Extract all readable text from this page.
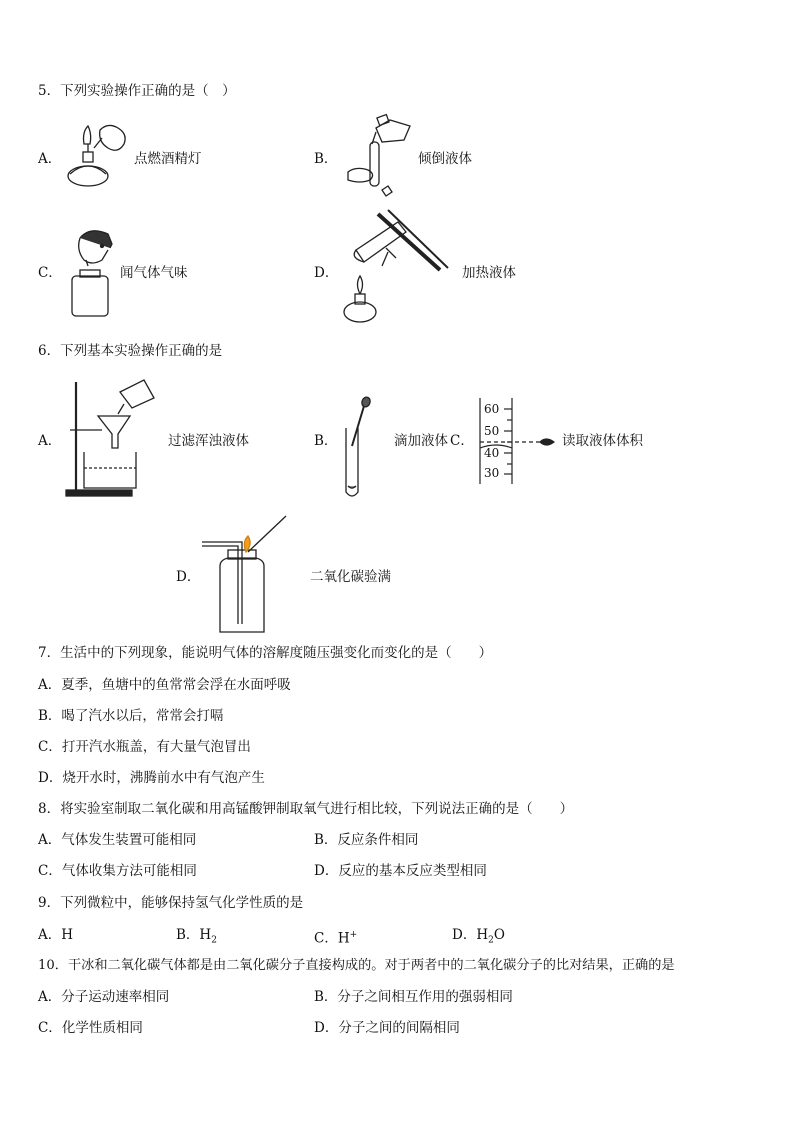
5．下列实验操作正确的是（　）
A．	点燃酒精灯	B．	倾倒液体
C．	闻气体气味	D．	加热液体
6．下列基本实验操作正确的是
A．	过滤浑浊液体	B．	滴加液体 C．
60
50
40
30
读取液体体积
D．	二氧化碳验满
7．生活中的下列现象，能说明气体的溶解度随压强变化而变化的是（　　）
A．夏季，鱼塘中的鱼常常会浮在水面呼吸
B．喝了汽水以后，常常会打嗝
C．打开汽水瓶盖，有大量气泡冒出
D．烧开水时，沸腾前水中有气泡产生
8．将实验室制取二氧化碳和用高锰酸钾制取氧气进行相比较，下列说法正确的是（　　）
A．气体发生装置可能相同	B．反应条件相同
C．气体收集方法可能相同	D．反应的基本反应类型相同
9．下列微粒中，能够保持氢气化学性质的是
A．H	B．$H_2$	C．H+	D．$H_2O$
10．干冰和二氧化碳气体都是由二氧化碳分子直接构成的。对于两者中的二氧化碳分子的比对结果，正确的是
A．分子运动速率相同	B．分子之间相互作用的强弱相同
C．化学性质相同	D．分子之间的间隔相同
